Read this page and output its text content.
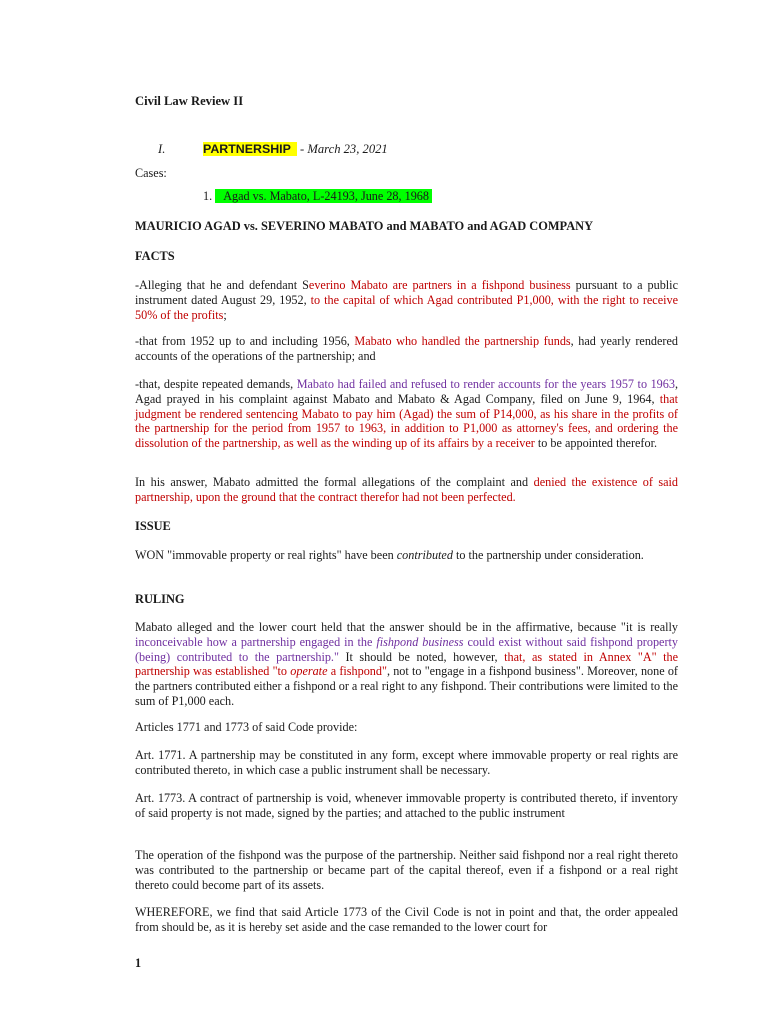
Civil Law Review II
I.	PARTNERSHIP - March 23, 2021
Cases:
1. Agad vs. Mabato, L-24193, June 28, 1968
MAURICIO AGAD vs. SEVERINO MABATO and MABATO and AGAD COMPANY
FACTS
-Alleging that he and defendant Severino Mabato are partners in a fishpond business pursuant to a public instrument dated August 29, 1952, to the capital of which Agad contributed P1,000, with the right to receive 50% of the profits;
-that from 1952 up to and including 1956, Mabato who handled the partnership funds, had yearly rendered accounts of the operations of the partnership; and
-that, despite repeated demands, Mabato had failed and refused to render accounts for the years 1957 to 1963, Agad prayed in his complaint against Mabato and Mabato & Agad Company, filed on June 9, 1964, that judgment be rendered sentencing Mabato to pay him (Agad) the sum of P14,000, as his share in the profits of the partnership for the period from 1957 to 1963, in addition to P1,000 as attorney's fees, and ordering the dissolution of the partnership, as well as the winding up of its affairs by a receiver to be appointed therefor.
In his answer, Mabato admitted the formal allegations of the complaint and denied the existence of said partnership, upon the ground that the contract therefor had not been perfected.
ISSUE
WON "immovable property or real rights" have been contributed to the partnership under consideration.
RULING
Mabato alleged and the lower court held that the answer should be in the affirmative, because "it is really inconceivable how a partnership engaged in the fishpond business could exist without said fishpond property (being) contributed to the partnership." It should be noted, however, that, as stated in Annex "A" the partnership was established "to operate a fishpond", not to "engage in a fishpond business". Moreover, none of the partners contributed either a fishpond or a real right to any fishpond. Their contributions were limited to the sum of P1,000 each.
Articles 1771 and 1773 of said Code provide:
Art. 1771. A partnership may be constituted in any form, except where immovable property or real rights are contributed thereto, in which case a public instrument shall be necessary.
Art. 1773. A contract of partnership is void, whenever immovable property is contributed thereto, if inventory of said property is not made, signed by the parties; and attached to the public instrument
The operation of the fishpond was the purpose of the partnership. Neither said fishpond nor a real right thereto was contributed to the partnership or became part of the capital thereof, even if a fishpond or a real right thereto could become part of its assets.
WHEREFORE, we find that said Article 1773 of the Civil Code is not in point and that, the order appealed from should be, as it is hereby set aside and the case remanded to the lower court for
1
